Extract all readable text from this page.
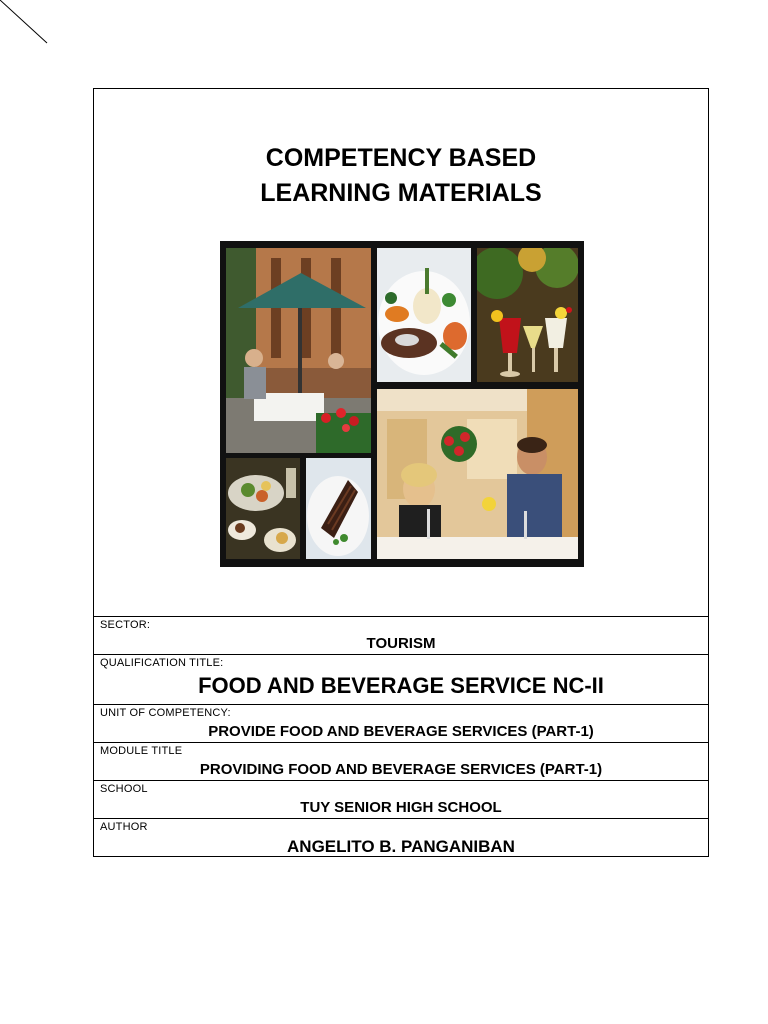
COMPETENCY BASED
LEARNING MATERIALS
SECTOR:
TOURISM
QUALIFICATION TITLE:
FOOD AND BEVERAGE SERVICE NC-II
UNIT OF COMPETENCY:
PROVIDE FOOD AND BEVERAGE SERVICES (PART-1)
MODULE TITLE
PROVIDING FOOD AND BEVERAGE SERVICES (PART-1)
SCHOOL
TUY SENIOR HIGH SCHOOL
AUTHOR
ANGELITO B. PANGANIBAN
